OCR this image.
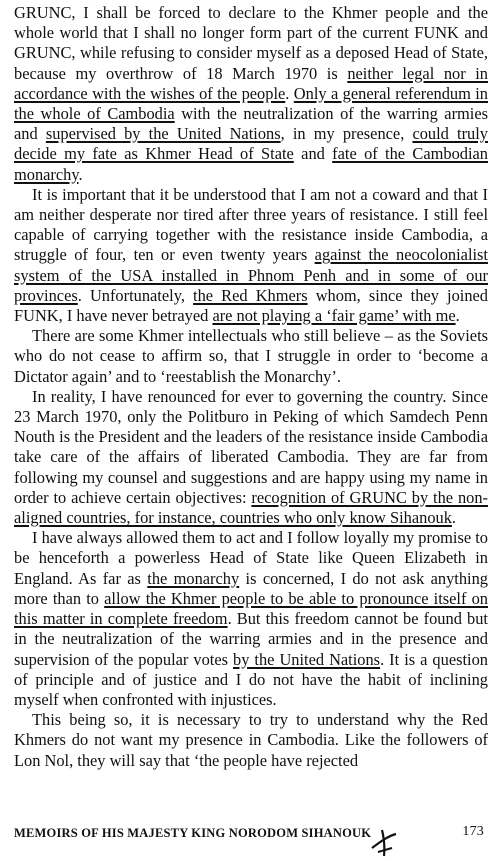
GRUNC, I shall be forced to declare to the Khmer people and the whole world that I shall no longer form part of the current FUNK and GRUNC, while refusing to consider myself as a deposed Head of State, because my overthrow of 18 March 1970 is neither legal nor in accordance with the wishes of the people. Only a general referendum in the whole of Cambodia with the neutralization of the warring armies and supervised by the United Nations, in my presence, could truly decide my fate as Khmer Head of State and fate of the Cambodian monarchy.

It is important that it be understood that I am not a coward and that I am neither desperate nor tired after three years of resistance. I still feel capable of carrying together with the resistance inside Cambodia, a struggle of four, ten or even twenty years against the neocolonialist system of the USA installed in Phnom Penh and in some of our provinces. Unfortunately, the Red Khmers whom, since they joined FUNK, I have never betrayed are not playing a ‘fair game’ with me.

There are some Khmer intellectuals who still believe – as the Soviets who do not cease to affirm so, that I struggle in order to ‘become a Dictator again’ and to ‘reestablish the Monarchy’.

In reality, I have renounced for ever to governing the country. Since 23 March 1970, only the Politburo in Peking of which Samdech Penn Nouth is the President and the leaders of the resistance inside Cambodia take care of the affairs of liberated Cambodia. They are far from following my counsel and suggestions and are happy using my name in order to achieve certain objectives: recognition of GRUNC by the non-aligned countries, for instance, countries who only know Sihanouk.

I have always allowed them to act and I follow loyally my promise to be henceforth a powerless Head of State like Queen Elizabeth in England. As far as the monarchy is concerned, I do not ask anything more than to allow the Khmer people to be able to pronounce itself on this matter in complete freedom. But this freedom cannot be found but in the neutralization of the warring armies and in the presence and supervision of the popular votes by the United Nations. It is a question of principle and of justice and I do not have the habit of inclining myself when confronted with injustices.

This being so, it is necessary to try to understand why the Red Khmers do not want my presence in Cambodia. Like the followers of Lon Nol, they will say that ‘the people have rejected

MEMOIRS OF HIS MAJESTY KING NORODOM SIHANOUK	173
